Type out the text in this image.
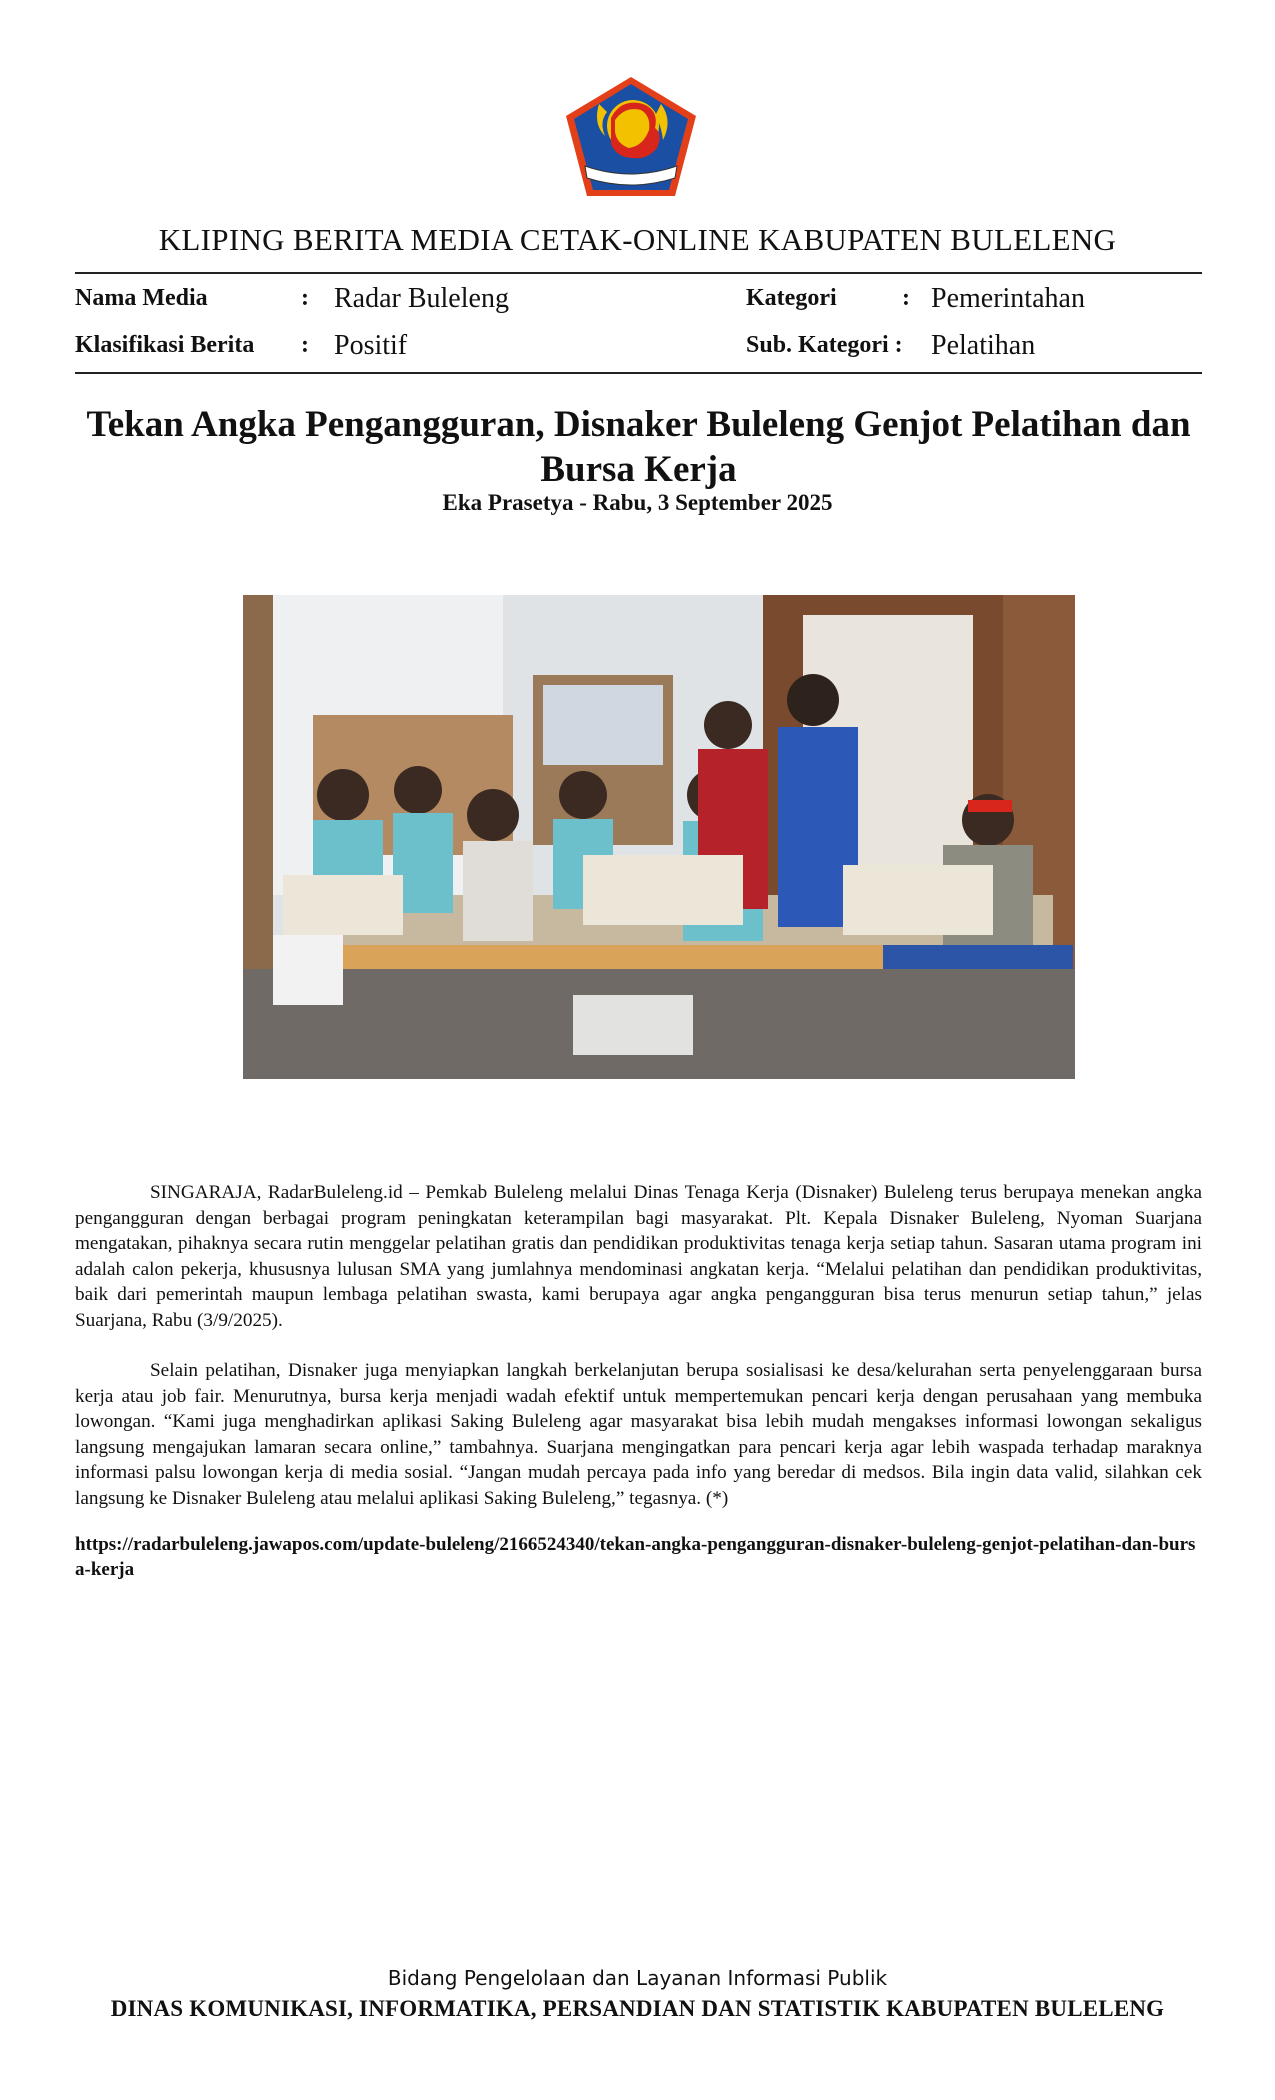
KLIPING BERITA MEDIA CETAK-ONLINE KABUPATEN BULELENG
Nama Media	: Radar Buleleng
Klasifikasi Berita : Positif
Kategori	: Pemerintahan
Sub. Kategori : Pelatihan
Tekan Angka Pengangguran, Disnaker Buleleng Genjot Pelatihan dan Bursa Kerja
Eka Prasetya - Rabu, 3 September 2025

SINGARAJA, RadarBuleleng.id – Pemkab Buleleng melalui Dinas Tenaga Kerja (Disnaker) Buleleng terus berupaya menekan angka pengangguran dengan berbagai program peningkatan keterampilan bagi masyarakat. Plt. Kepala Disnaker Buleleng, Nyoman Suarjana mengatakan, pihaknya secara rutin menggelar pelatihan gratis dan pendidikan produktivitas tenaga kerja setiap tahun. Sasaran utama program ini adalah calon pekerja, khususnya lulusan SMA yang jumlahnya mendominasi angkatan kerja. “Melalui pelatihan dan pendidikan produktivitas, baik dari pemerintah maupun lembaga pelatihan swasta, kami berupaya agar angka pengangguran bisa terus menurun setiap tahun,” jelas Suarjana, Rabu (3/9/2025).

Selain pelatihan, Disnaker juga menyiapkan langkah berkelanjutan berupa sosialisasi ke desa/kelurahan serta penyelenggaraan bursa kerja atau job fair. Menurutnya, bursa kerja menjadi wadah efektif untuk mempertemukan pencari kerja dengan perusahaan yang membuka lowongan. “Kami juga menghadirkan aplikasi Saking Buleleng agar masyarakat bisa lebih mudah mengakses informasi lowongan sekaligus langsung mengajukan lamaran secara online,” tambahnya. Suarjana mengingatkan para pencari kerja agar lebih waspada terhadap maraknya informasi palsu lowongan kerja di media sosial. “Jangan mudah percaya pada info yang beredar di medsos. Bila ingin data valid, silahkan cek langsung ke Disnaker Buleleng atau melalui aplikasi Saking Buleleng,” tegasnya. (*)

https://radarbuleleng.jawapos.com/update-buleleng/2166524340/tekan-angka-pengangguran-disnaker-buleleng-genjot-pelatihan-dan-bursa-kerja
Bidang Pengelolaan dan Layanan Informasi Publik
DINAS KOMUNIKASI, INFORMATIKA, PERSANDIAN DAN STATISTIK KABUPATEN BULELENG
